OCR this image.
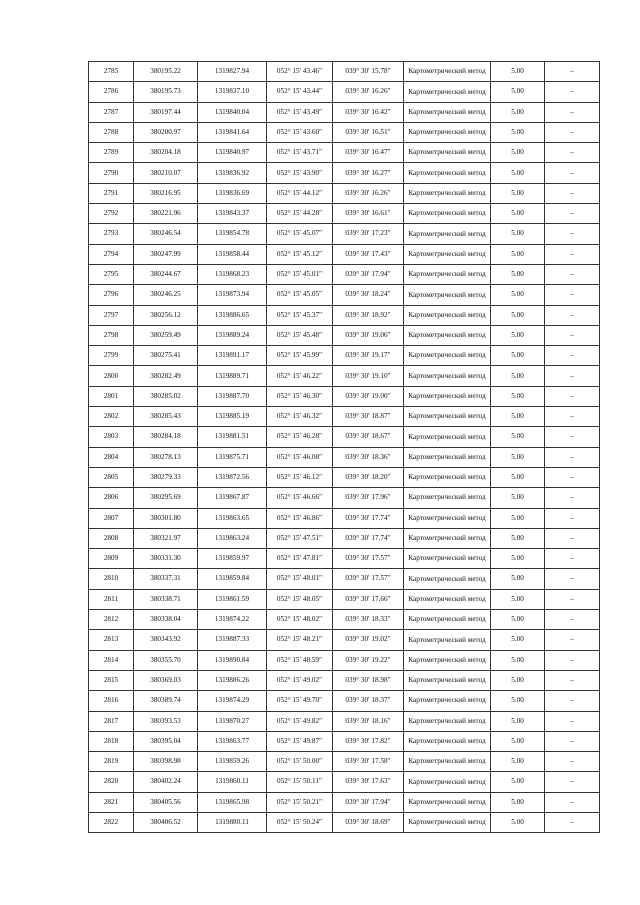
2785	380195.22	1319827.94	052° 15′ 43.46″	039° 30′ 15.78″	Картометрический метод	5.00	–
2786	380195.73	1319837.10	052° 15′ 43.44″	039° 30′ 16.26″	Картометрический метод	5.00	–
2787	380197.44	1319840.04	052° 15′ 43.49″	039° 30′ 16.42″	Картометрический метод	5.00	–
2788	380200.97	1319841.64	052° 15′ 43.60″	039° 30′ 16.51″	Картометрический метод	5.00	–
2789	380204.18	1319840.97	052° 15′ 43.71″	039° 30′ 16.47″	Картометрический метод	5.00	–
2790	380210.07	1319836.92	052° 15′ 43.90″	039° 30′ 16.27″	Картометрический метод	5.00	–
2791	380216.95	1319836.69	052° 15′ 44.12″	039° 30′ 16.26″	Картометрический метод	5.00	–
2792	380221.96	1319843.37	052° 15′ 44.28″	039° 30′ 16.61″	Картометрический метод	5.00	–
2793	380246.54	1319854.78	052° 15′ 45.07″	039° 30′ 17.23″	Картометрический метод	5.00	–
2794	380247.99	1319858.44	052° 15′ 45.12″	039° 30′ 17.43″	Картометрический метод	5.00	–
2795	380244.67	1319868.23	052° 15′ 45.01″	039° 30′ 17.94″	Картометрический метод	5.00	–
2796	380246.25	1319873.94	052° 15′ 45.05″	039° 30′ 18.24″	Картометрический метод	5.00	–
2797	380256.12	1319886.65	052° 15′ 45.37″	039° 30′ 18.92″	Картометрический метод	5.00	–
2798	380259.49	1319889.24	052° 15′ 45.48″	039° 30′ 19.06″	Картометрический метод	5.00	–
2799	380275.41	1319891.17	052° 15′ 45.99″	039° 30′ 19.17″	Картометрический метод	5.00	–
2800	380282.49	1319889.71	052° 15′ 46.22″	039° 30′ 19.10″	Картометрический метод	5.00	–
2801	380285.02	1319887.70	052° 15′ 46.30″	039° 30′ 19.00″	Картометрический метод	5.00	–
2802	380285.43	1319885.19	052° 15′ 46.32″	039° 30′ 18.87″	Картометрический метод	5.00	–
2803	380284.18	1319881.51	052° 15′ 46.28″	039° 30′ 18.67″	Картометрический метод	5.00	–
2804	380278.13	1319875.71	052° 15′ 46.08″	039° 30′ 18.36″	Картометрический метод	5.00	–
2805	380279.33	1319872.56	052° 15′ 46.12″	039° 30′ 18.20″	Картометрический метод	5.00	–
2806	380295.69	1319867.87	052° 15′ 46.66″	039° 30′ 17.96″	Картометрический метод	5.00	–
2807	380301.80	1319863.65	052° 15′ 46.86″	039° 30′ 17.74″	Картометрический метод	5.00	–
2808	380321.97	1319863.24	052° 15′ 47.51″	039° 30′ 17.74″	Картометрический метод	5.00	–
2809	380331.30	1319859.97	052° 15′ 47.81″	039° 30′ 17.57″	Картометрический метод	5.00	–
2810	380337.31	1319859.84	052° 15′ 48.01″	039° 30′ 17.57″	Картометрический метод	5.00	–
2811	380338.71	1319861.59	052° 15′ 48.05″	039° 30′ 17.66″	Картометрический метод	5.00	–
2812	380338.04	1319874.22	052° 15′ 48.02″	039° 30′ 18.33″	Картометрический метод	5.00	–
2813	380343.92	1319887.33	052° 15′ 48.21″	039° 30′ 19.02″	Картометрический метод	5.00	–
2814	380355.70	1319890.84	052° 15′ 48.59″	039° 30′ 19.22″	Картометрический метод	5.00	–
2815	380369.03	1319886.26	052° 15′ 49.02″	039° 30′ 18.98″	Картометрический метод	5.00	–
2816	380389.74	1319874.29	052° 15′ 49.70″	039° 30′ 18.37″	Картометрический метод	5.00	–
2817	380393.53	1319870.27	052° 15′ 49.82″	039° 30′ 18.16″	Картометрический метод	5.00	–
2818	380395.04	1319863.77	052° 15′ 49.87″	039° 30′ 17.82″	Картометрический метод	5.00	–
2819	380398.98	1319859.26	052° 15′ 50.00″	039° 30′ 17.58″	Картометрический метод	5.00	–
2820	380402.24	1319860.11	052° 15′ 50.11″	039° 30′ 17.63″	Картометрический метод	5.00	–
2821	380405.56	1319865.98	052° 15′ 50.21″	039° 30′ 17.94″	Картометрический метод	5.00	–
2822	380406.52	1319880.11	052° 15′ 50.24″	039° 30′ 18.69″	Картометрический метод	5.00	–
